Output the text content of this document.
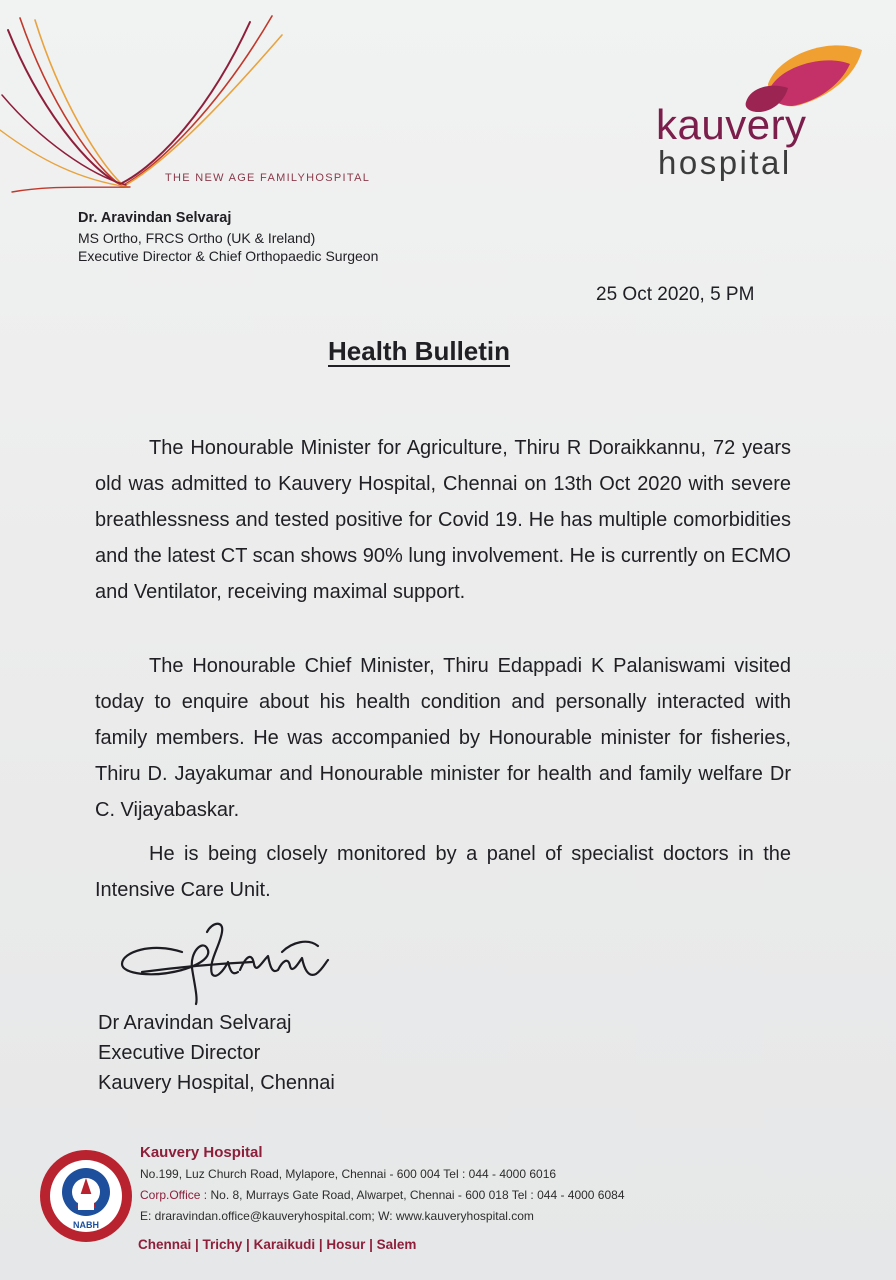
THE NEW AGE FAMILYHOSPITAL
kauvery
hospital
Dr. Aravindan Selvaraj
MS Ortho, FRCS Ortho (UK & Ireland)
Executive Director & Chief Orthopaedic Surgeon
25 Oct 2020, 5 PM
Health Bulletin

The Honourable Minister for Agriculture, Thiru R Doraikkannu, 72 years old was admitted to Kauvery Hospital, Chennai on 13th Oct 2020 with severe breathlessness and tested positive for Covid 19. He has multiple comorbidities and the latest CT scan shows 90% lung involvement. He is currently on ECMO and Ventilator, receiving maximal support.

The Honourable Chief Minister, Thiru Edappadi K Palaniswami visited today to enquire about his health condition and personally interacted with family members. He was accompanied by Honourable minister for fisheries, Thiru D. Jayakumar and Honourable minister for health and family welfare Dr C. Vijayabaskar.

He is being closely monitored by a panel of specialist doctors in the Intensive Care Unit.

Dr Aravindan Selvaraj
Executive Director
Kauvery Hospital, Chennai
NABH
Kauvery Hospital
No.199, Luz Church Road, Mylapore, Chennai - 600 004 Tel : 044 - 4000 6016
Corp.Office : No. 8, Murrays Gate Road, Alwarpet, Chennai - 600 018 Tel : 044 - 4000 6084
E: draravindan.office@kauveryhospital.com; W: www.kauveryhospital.com
Chennai | Trichy | Karaikudi | Hosur | Salem
